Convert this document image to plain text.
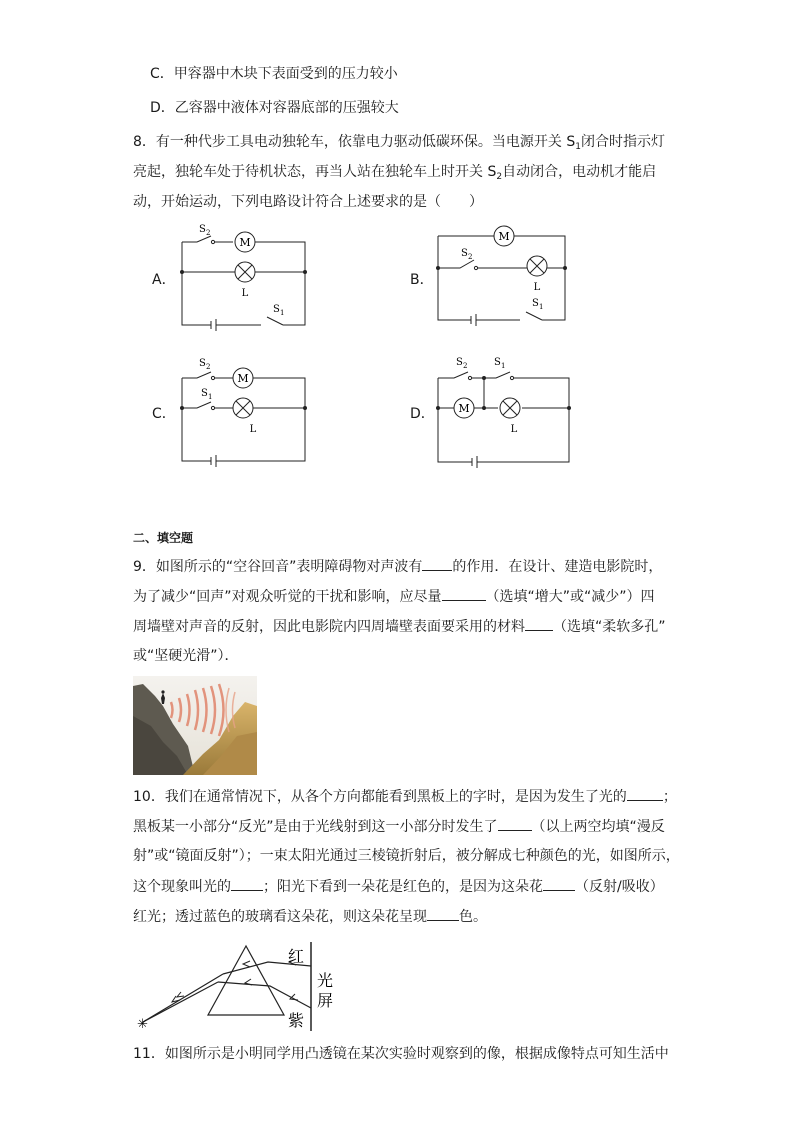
C．甲容器中木块下表面受到的压力较小
D．乙容器中液体对容器底部的压强较大
8．有一种代步工具电动独轮车，依靠电力驱动低碳环保。当电源开关 $S_1$闭合时指示灯
亮起，独轮车处于待机状态，再当人站在独轮车上时开关 $S_2$自动闭合，电动机才能启
动，开始运动，下列电路设计符合上述要求的是（　　）
A．
M
S 2
L
S 1
B．
M
S 2
L
S 1
C．
M
S 2
S 1
L
D． M
S 2	S 1
L
二、填空题
9．如图所示的“空谷回音”表明障碍物对声波有 的作用．在设计、建造电影院时，
为了减少“回声”对观众听觉的干扰和影响，应尽量	（选填“增大”或“减少”）四
周墙壁对声音的反射，因此电影院内四周墙壁表面要采用的材料 （选填“柔软多孔”
或“坚硬光滑”）．
10．我们在通常情况下，从各个方向都能看到黑板上的字时，是因为发生了光的	；
黑板某一小部分“反光”是由于光线射到这一小部分时发生了 （以上两空均填“漫反
射”或“镜面反射”）；一束太阳光通过三棱镜折射后，被分解成七种颜色的光，如图所示，
这个现象叫光的 ；阳光下看到一朵花是红色的，是因为这朵花 （反射/吸收）
红光；透过蓝色的玻璃看这朵花，则这朵花呈现 色。
✳
红
光
屏
紫
11．如图所示是小明同学用凸透镜在某次实验时观察到的像，根据成像特点可知生活中
